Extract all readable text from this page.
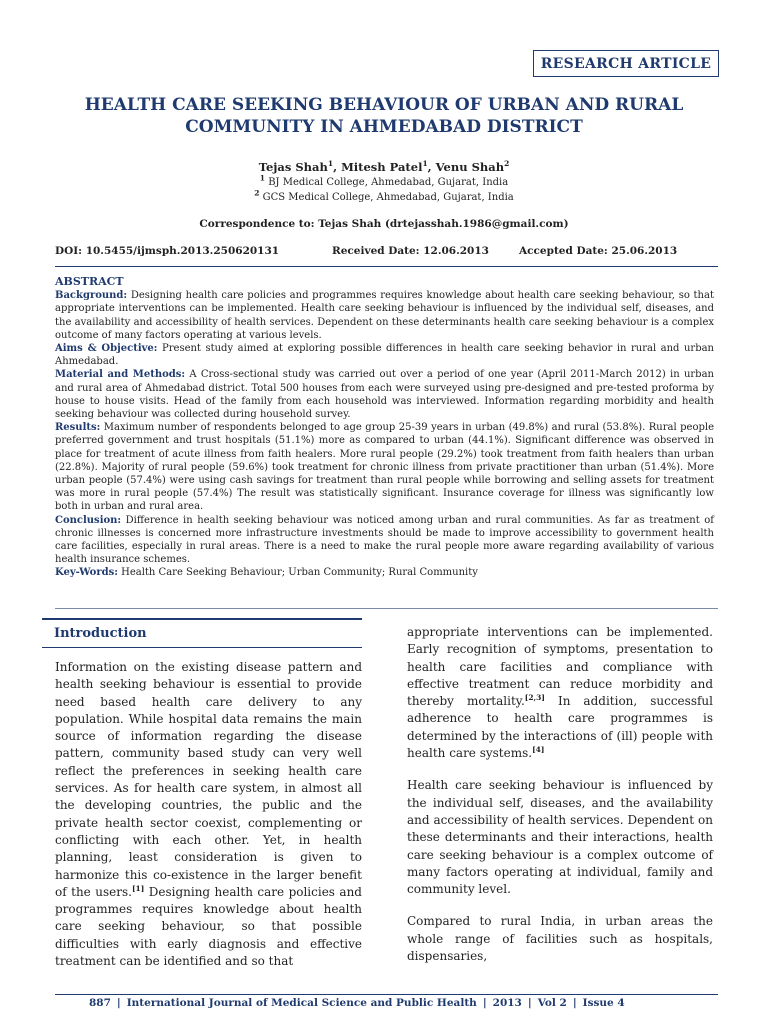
RESEARCH ARTICLE
HEALTH CARE SEEKING BEHAVIOUR OF URBAN AND RURAL COMMUNITY IN AHMEDABAD DISTRICT
Tejas Shah$^1$, Mitesh Patel$^1$, Venu Shah$^2$
$^1$ BJ Medical College, Ahmedabad, Gujarat, India
$^2$ GCS Medical College, Ahmedabad, Gujarat, India
Correspondence to: Tejas Shah (drtejasshah.1986@gmail.com)
DOI: 10.5455/ijmsph.2013.250620131	Received Date: 12.06.2013	Accepted Date: 25.06.2013
ABSTRACT

Background: Designing health care policies and programmes requires knowledge about health care seeking behaviour, so that appropriate interventions can be implemented. Health care seeking behaviour is influenced by the individual self, diseases, and the availability and accessibility of health services. Dependent on these determinants health care seeking behaviour is a complex outcome of many factors operating at various levels.

Aims & Objective: Present study aimed at exploring possible differences in health care seeking behavior in rural and urban Ahmedabad.

Material and Methods: A Cross-sectional study was carried out over a period of one year (April 2011-March 2012) in urban and rural area of Ahmedabad district. Total 500 houses from each were surveyed using pre-designed and pre-tested proforma by house to house visits. Head of the family from each household was interviewed. Information regarding morbidity and health seeking behaviour was collected during household survey.

Results: Maximum number of respondents belonged to age group 25-39 years in urban (49.8%) and rural (53.8%). Rural people preferred government and trust hospitals (51.1%) more as compared to urban (44.1%). Significant difference was observed in place for treatment of acute illness from faith healers. More rural people (29.2%) took treatment from faith healers than urban (22.8%). Majority of rural people (59.6%) took treatment for chronic illness from private practitioner than urban (51.4%). More urban people (57.4%) were using cash savings for treatment than rural people while borrowing and selling assets for treatment was more in rural people (57.4%) The result was statistically significant. Insurance coverage for illness was significantly low both in urban and rural area.

Conclusion: Difference in health seeking behaviour was noticed among urban and rural communities. As far as treatment of chronic illnesses is concerned more infrastructure investments should be made to improve accessibility to government health care facilities, especially in rural areas. There is a need to make the rural people more aware regarding availability of various health insurance schemes.

Key-Words: Health Care Seeking Behaviour; Urban Community; Rural Community

Introduction

Information on the existing disease pattern and health seeking behaviour is essential to provide need based health care delivery to any population. While hospital data remains the main source of information regarding the disease pattern, community based study can very well reflect the preferences in seeking health care services. As for health care system, in almost all the developing countries, the public and the private health sector coexist, complementing or conflicting with each other. Yet, in health planning, least consideration is given to harmonize this co-existence in the larger benefit of the users.[1] Designing health care policies and programmes requires knowledge about health care seeking behaviour, so that possible difficulties with early diagnosis and effective treatment can be identified and so that

appropriate interventions can be implemented. Early recognition of symptoms, presentation to health care facilities and compliance with effective treatment can reduce morbidity and thereby mortality.[2,3] In addition, successful adherence to health care programmes is determined by the interactions of (ill) people with health care systems.[4]

Health care seeking behaviour is influenced by the individual self, diseases, and the availability and accessibility of health services. Dependent on these determinants and their interactions, health care seeking behaviour is a complex outcome of many factors operating at individual, family and community level.

Compared to rural India, in urban areas the whole range of facilities such as hospitals, dispensaries,

887 | International Journal of Medical Science and Public Health | 2013 | Vol 2 | Issue 4
